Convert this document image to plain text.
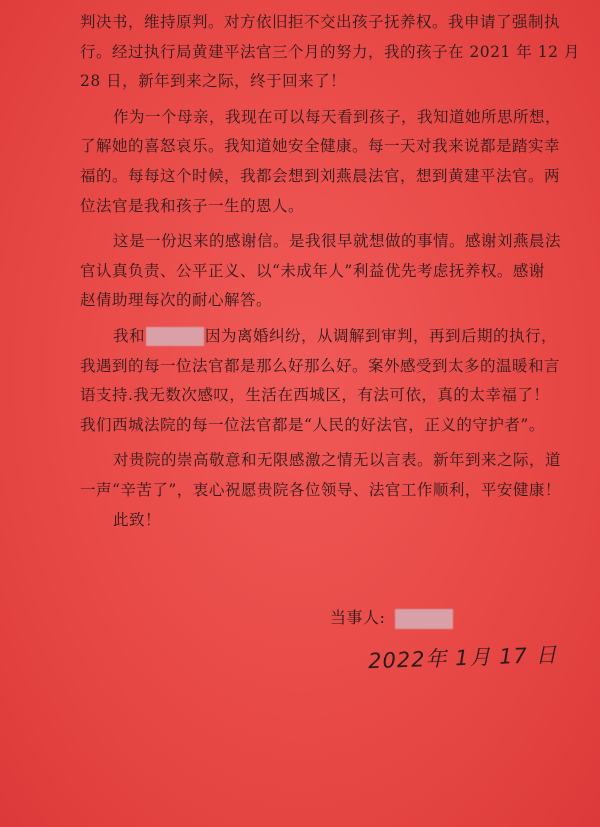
判决书，维持原判。对方依旧拒不交出孩子抚养权。我申请了强制执
行。经过执行局黄建平法官三个月的努力，我的孩子在 2021 年 12 月
28 日，新年到来之际，终于回来了！
作为一个母亲，我现在可以每天看到孩子，我知道她所思所想，
了解她的喜怒哀乐。我知道她安全健康。每一天对我来说都是踏实幸
福的。每每这个时候，我都会想到刘燕晨法官，想到黄建平法官。两
位法官是我和孩子一生的恩人。
这是一份迟来的感谢信。是我很早就想做的事情。感谢刘燕晨法
官认真负责、公平正义、以“未成年人”利益优先考虑抚养权。感谢
赵倩助理每次的耐心解答。
我和	因为离婚纠纷，从调解到审判，再到后期的执行，
我遇到的每一位法官都是那么好那么好。案外感受到太多的温暖和言
语支持.我无数次感叹，生活在西城区，有法可依，真的太幸福了！
我们西城法院的每一位法官都是“人民的好法官，正义的守护者”。
对贵院的崇高敬意和无限感激之情无以言表。新年到来之际，道
一声“辛苦了”，衷心祝愿贵院各位领导、法官工作顺利，平安健康！
此致！
当事人:
2022年 1月 17 日
